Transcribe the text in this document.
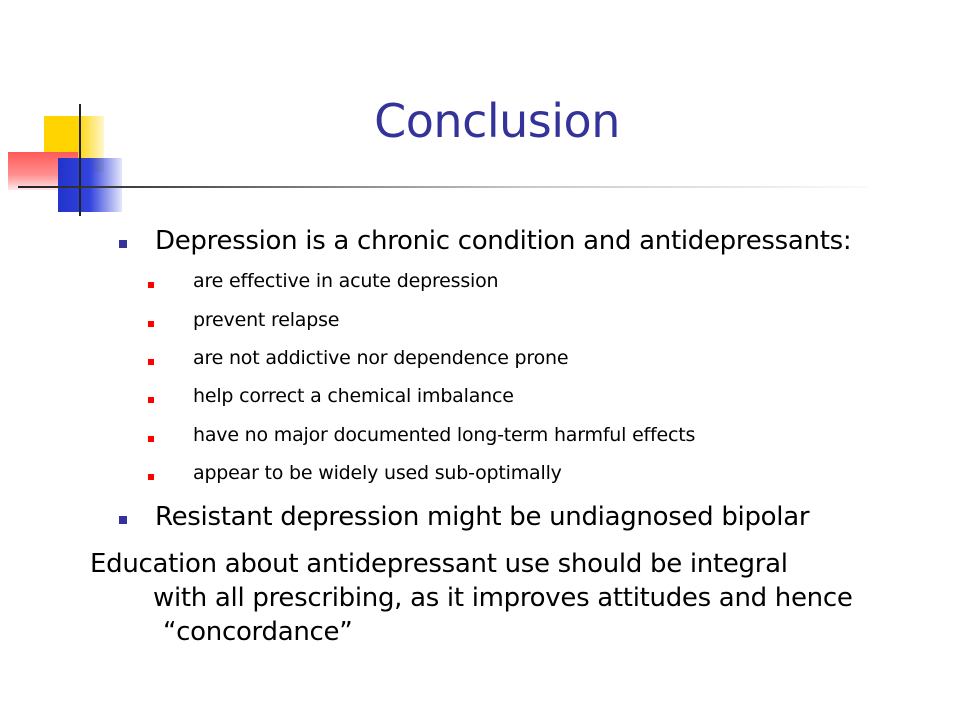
Conclusion
Depression is a chronic condition and antidepressants:
are effective in acute depression
prevent relapse
are not addictive nor dependence prone
help correct a chemical imbalance
have no major documented long-term harmful effects
appear to be widely used sub-optimally
Resistant depression might be undiagnosed bipolar
Education about antidepressant use should be integral
with all prescribing, as it improves attitudes and hence
“concordance”
